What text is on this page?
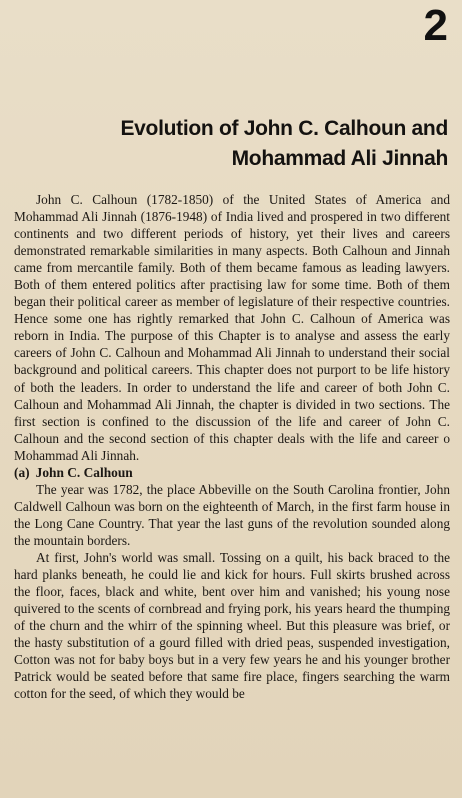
2
Evolution of John C. Calhoun and
Mohammad Ali Jinnah

John C. Calhoun (1782-1850) of the United States of America and Mohammad Ali Jinnah (1876-1948) of India lived and prospered in two different continents and two different periods of history, yet their lives and careers demonstrated remarkable similarities in many aspects. Both Calhoun and Jinnah came from mercantile family. Both of them became famous as leading lawyers. Both of them entered politics after practising law for some time. Both of them began their political career as member of legislature of their respective countries. Hence some one has rightly remarked that John C. Calhoun of America was reborn in India. The purpose of this Chapter is to analyse and assess the early careers of John C. Calhoun and Mohammad Ali Jinnah to understand their social background and political careers. This chapter does not purport to be life history of both the leaders. In order to understand the life and career of both John C. Calhoun and Mohammad Ali Jinnah, the chapter is divided in two sections. The first section is confined to the discussion of the life and career of John C. Calhoun and the second section of this chapter deals with the life and career o Mohammad Ali Jinnah.

(a) John C. Calhoun

The year was 1782, the place Abbeville on the South Carolina frontier, John Caldwell Calhoun was born on the eighteenth of March, in the first farm house in the Long Cane Country. That year the last guns of the revolution sounded along the mountain borders.

At first, John's world was small. Tossing on a quilt, his back braced to the hard planks beneath, he could lie and kick for hours. Full skirts brushed across the floor, faces, black and white, bent over him and vanished; his young nose quivered to the scents of cornbread and frying pork, his years heard the thumping of the churn and the whirr of the spinning wheel. But this pleasure was brief, or the hasty substitution of a gourd filled with dried peas, suspended investigation, Cotton was not for baby boys but in a very few years he and his younger brother Patrick would be seated before that same fire place, fingers searching the warm cotton for the seed, of which they would be
